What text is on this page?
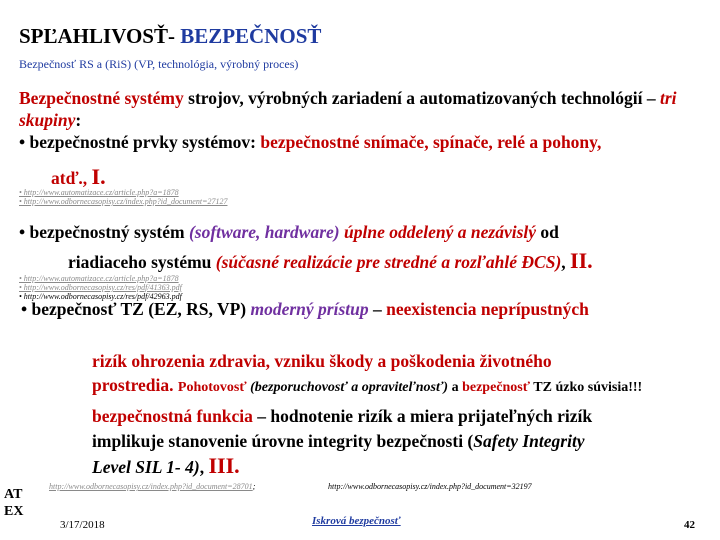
SPĽAHLIVOSŤ- BEZPEČNOSŤ
Bezpečnosť RS a (RiS) (VP, technológia, výrobný proces)
Bezpečnostné systémy strojov, výrobných zariadení a automatizovaných technológií – tri skupiny:
• bezpečnostné prvky systémov: bezpečnostné snímače, spínače, relé a pohony,
atď., I.
• http://www.automatizace.cz/article.php?a=1878
• http://www.odbornecasopisy.cz/index.php?id_document=27127
• bezpečnostný systém (software, hardware) úplne oddelený a nezávislý od
riadiaceho systému (súčasné realizácie pre stredné a rozľahlé ĐCS), II.
• http://www.automatizace.cz/article.php?a=1878
• http://www.odbornecasopisy.cz/res/pdf/41363.pdf
• http://www.odbornecasopisy.cz/res/pdf/42963.pdf
• bezpečnosť TZ (EZ, RS, VP) moderný prístup – neexistencia neprípustných
rizík ohrozenia zdravia, vzniku škody a poškodenia životného
prostredia. Pohotovosť (bezporuchovosť a opraviteľnosť) a bezpečnosť TZ úzko súvisia!!!
bezpečnostná funkcia – hodnotenie rizík a miera prijateľných rizík
implikuje stanovenie úrovne integrity bezpečnosti (Safety Integrity
Level SIL 1- 4), III.
http://www.odbornecasopisy.cz/index.php?id_document=28701;	http://www.odbornecasopisy.cz/index.php?id_document=32197
AT
EX
3/17/2018	Iskrová bezpečnosť	42
